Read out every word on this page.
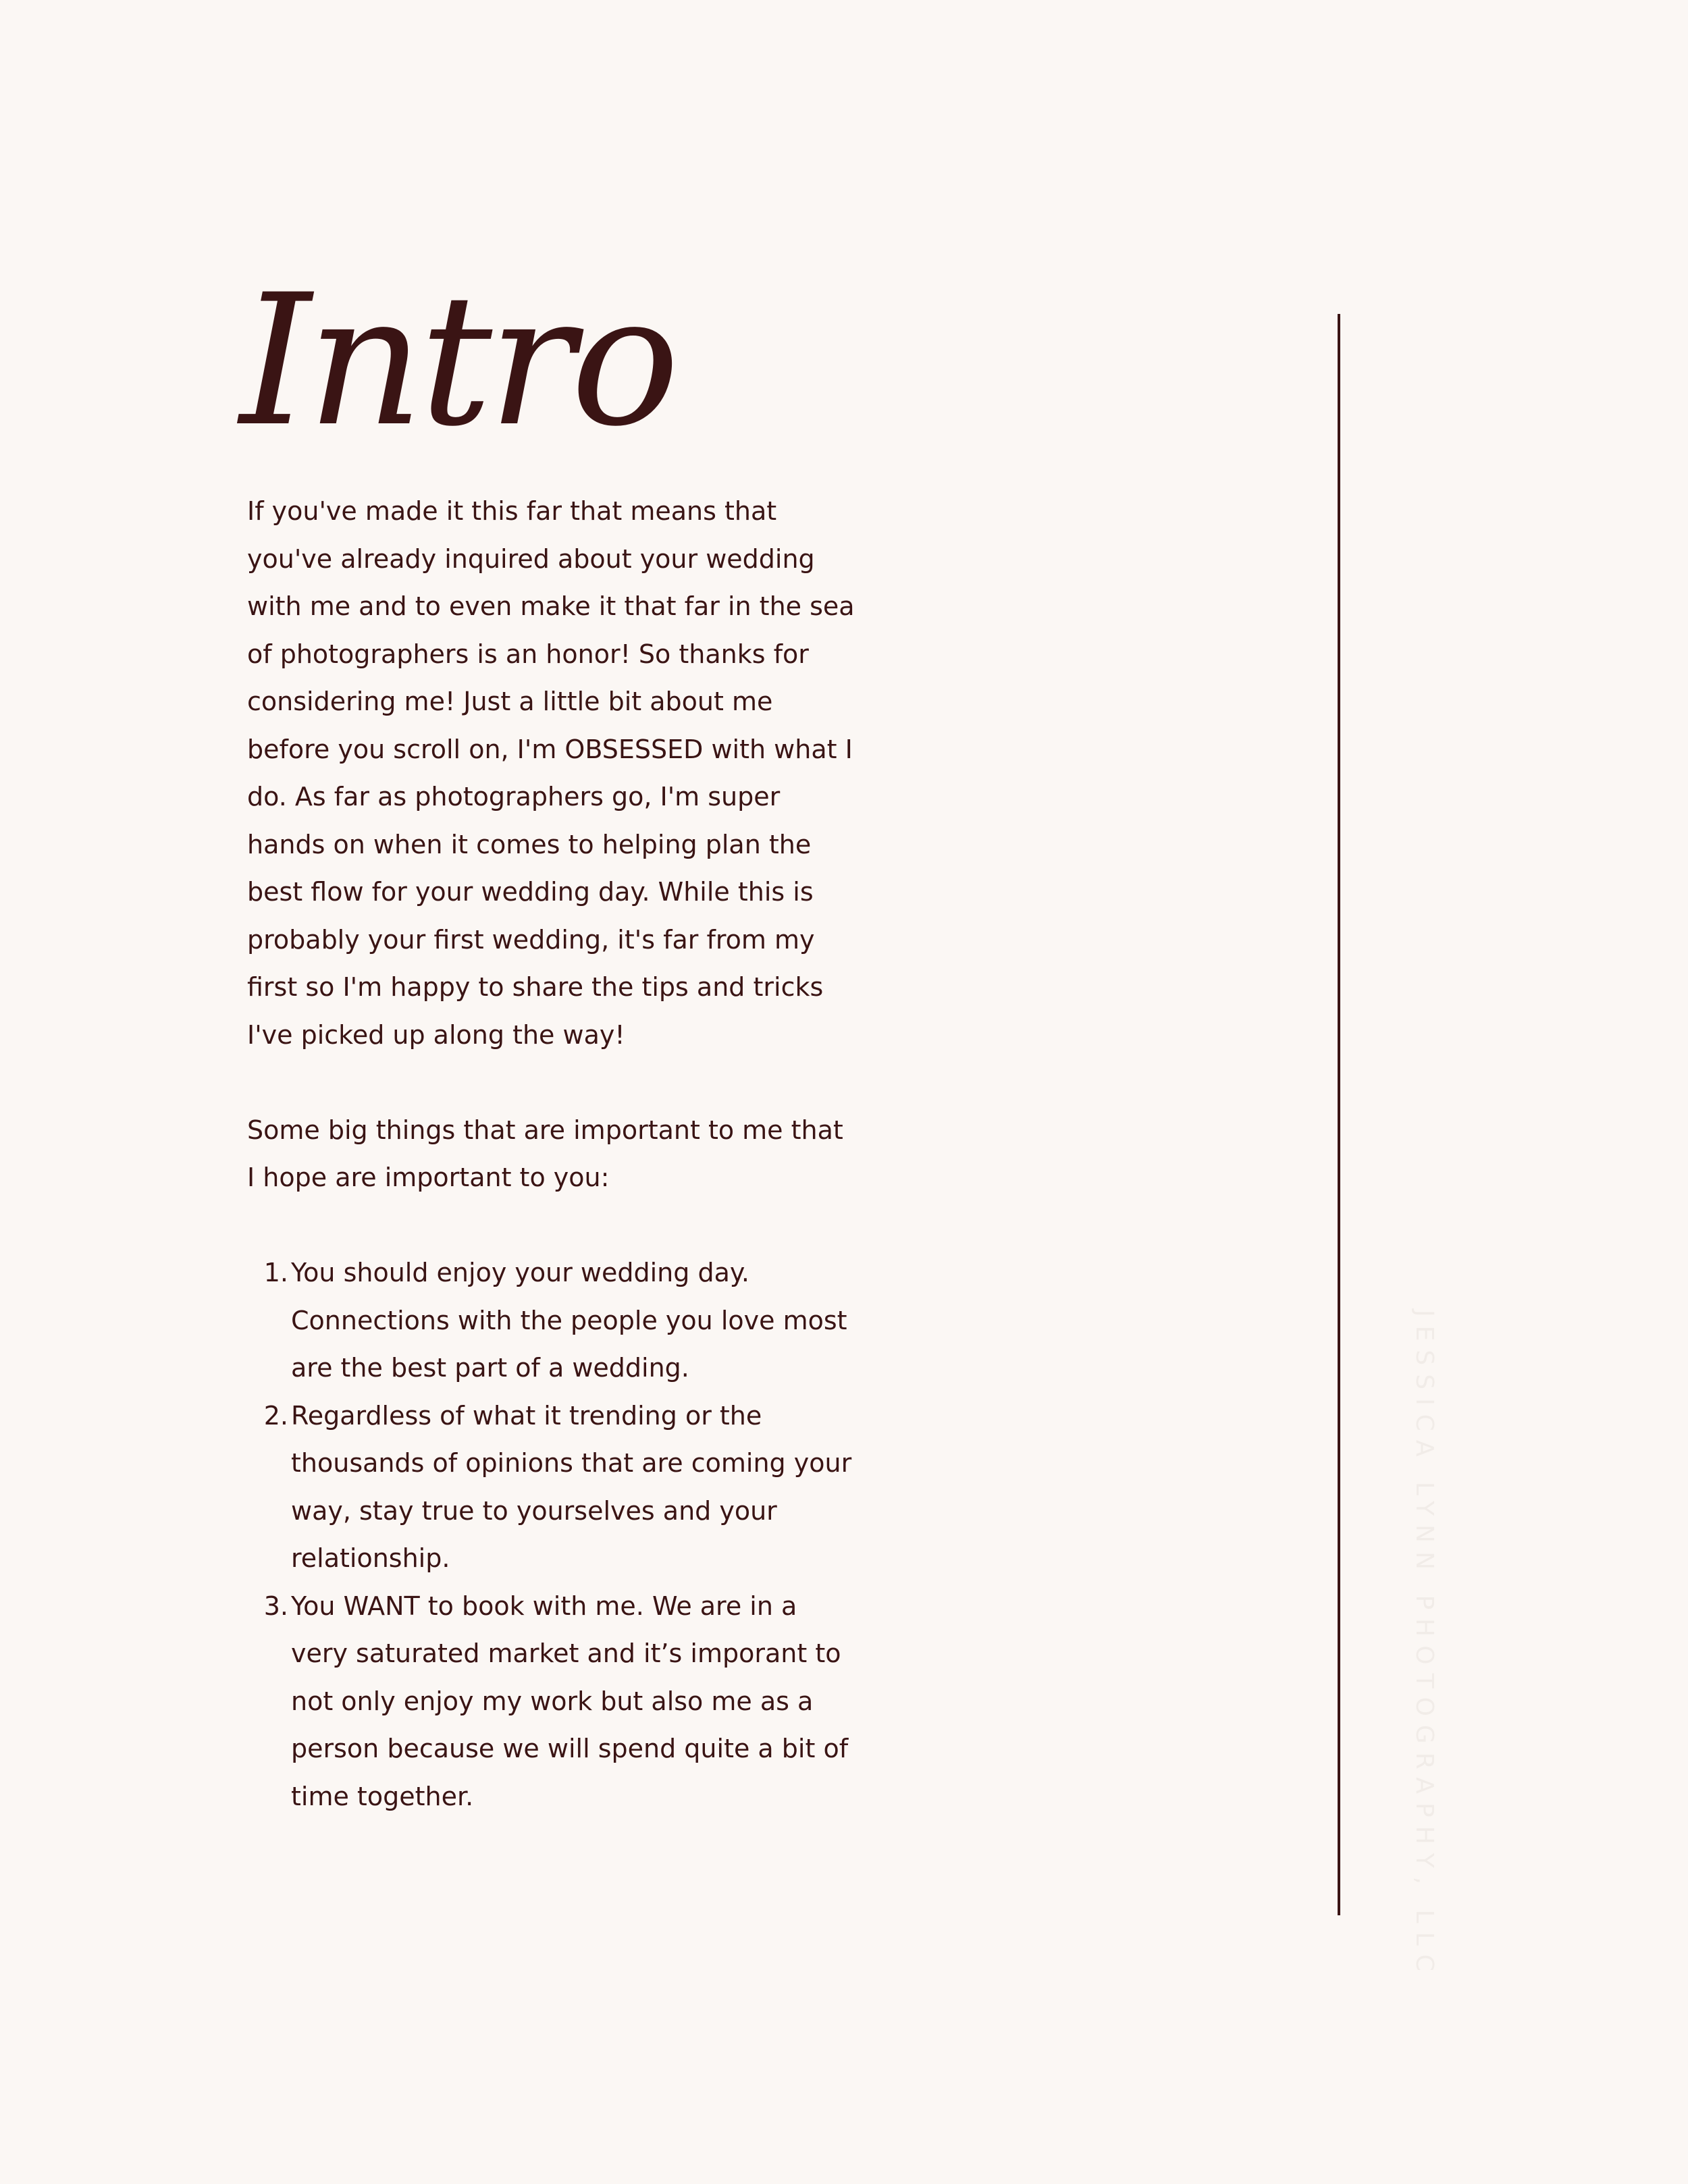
Intro

If you've made it this far that means that you've already inquired about your wedding with me and to even make it that far in the sea of photographers is an honor! So thanks for considering me! Just a little bit about me before you scroll on, I'm OBSESSED with what I do. As far as photographers go, I'm super hands on when it comes to helping plan the best flow for your wedding day. While this is probably your first wedding, it's far from my first so I'm happy to share the tips and tricks I've picked up along the way!

Some big things that are important to me that I hope are important to you:

1. You should enjoy your wedding day. Connections with the people you love most are the best part of a wedding.
2. Regardless of what it trending or the thousands of opinions that are coming your way, stay true to yourselves and your relationship.
3. You WANT to book with me. We are in a very saturated market and it’s imporant to not only enjoy my work but also me as a person because we will spend quite a bit of time together.	JESSICA LYNN PHOTOGRAPHY, LLC
